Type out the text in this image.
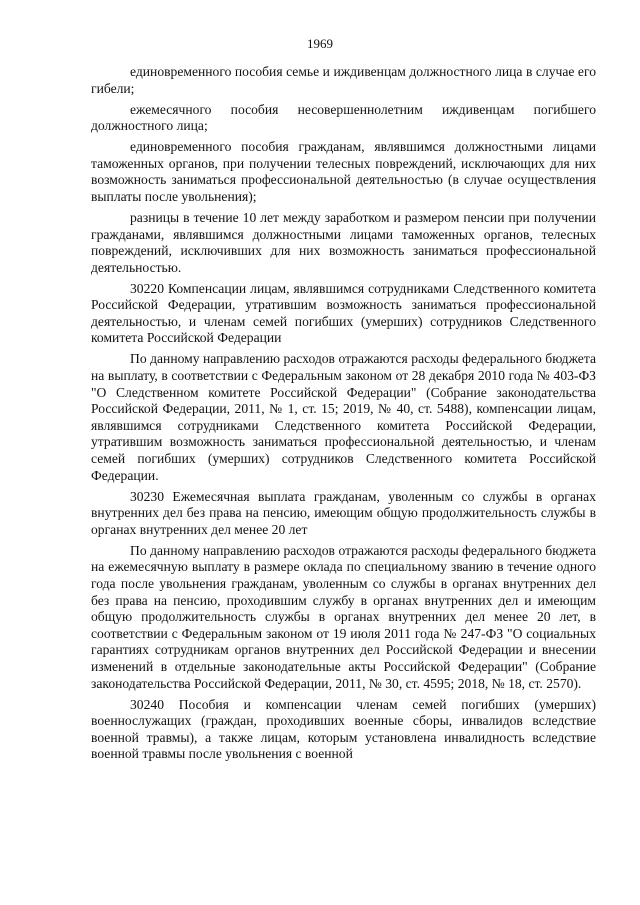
1969

единовременного пособия семье и иждивенцам должностного лица в случае его гибели;

ежемесячного пособия несовершеннолетним иждивенцам погибшего должностного лица;

единовременного пособия гражданам, являвшимся должностными лицами таможенных органов, при получении телесных повреждений, исключающих для них возможность заниматься профессиональной деятельностью (в случае осуществления выплаты после увольнения);

разницы в течение 10 лет между заработком и размером пенсии при получении гражданами, являвшимся должностными лицами таможенных органов, телесных повреждений, исключивших для них возможность заниматься профессиональной деятельностью.

30220 Компенсации лицам, являвшимся сотрудниками Следственного комитета Российской Федерации, утратившим возможность заниматься профессиональной деятельностью, и членам семей погибших (умерших) сотрудников Следственного комитета Российской Федерации

По данному направлению расходов отражаются расходы федерального бюджета на выплату, в соответствии с Федеральным законом от 28 декабря 2010 года № 403-ФЗ "О Следственном комитете Российской Федерации" (Собрание законодательства Российской Федерации, 2011, № 1, ст. 15; 2019, № 40, ст. 5488), компенсации лицам, являвшимся сотрудниками Следственного комитета Российской Федерации, утратившим возможность заниматься профессиональной деятельностью, и членам семей погибших (умерших) сотрудников Следственного комитета Российской Федерации.

30230 Ежемесячная выплата гражданам, уволенным со службы в органах внутренних дел без права на пенсию, имеющим общую продолжительность службы в органах внутренних дел менее 20 лет

По данному направлению расходов отражаются расходы федерального бюджета на ежемесячную выплату в размере оклада по специальному званию в течение одного года после увольнения гражданам, уволенным со службы в органах внутренних дел без права на пенсию, проходившим службу в органах внутренних дел и имеющим общую продолжительность службы в органах внутренних дел менее 20 лет, в соответствии с Федеральным законом от 19 июля 2011 года № 247-ФЗ "О социальных гарантиях сотрудникам органов внутренних дел Российской Федерации и внесении изменений в отдельные законодательные акты Российской Федерации" (Собрание законодательства Российской Федерации, 2011, № 30, ст. 4595; 2018, № 18, ст. 2570).

30240 Пособия и компенсации членам семей погибших (умерших) военнослужащих (граждан, проходивших военные сборы, инвалидов вследствие военной травмы), а также лицам, которым установлена инвалидность вследствие военной травмы после увольнения с военной
